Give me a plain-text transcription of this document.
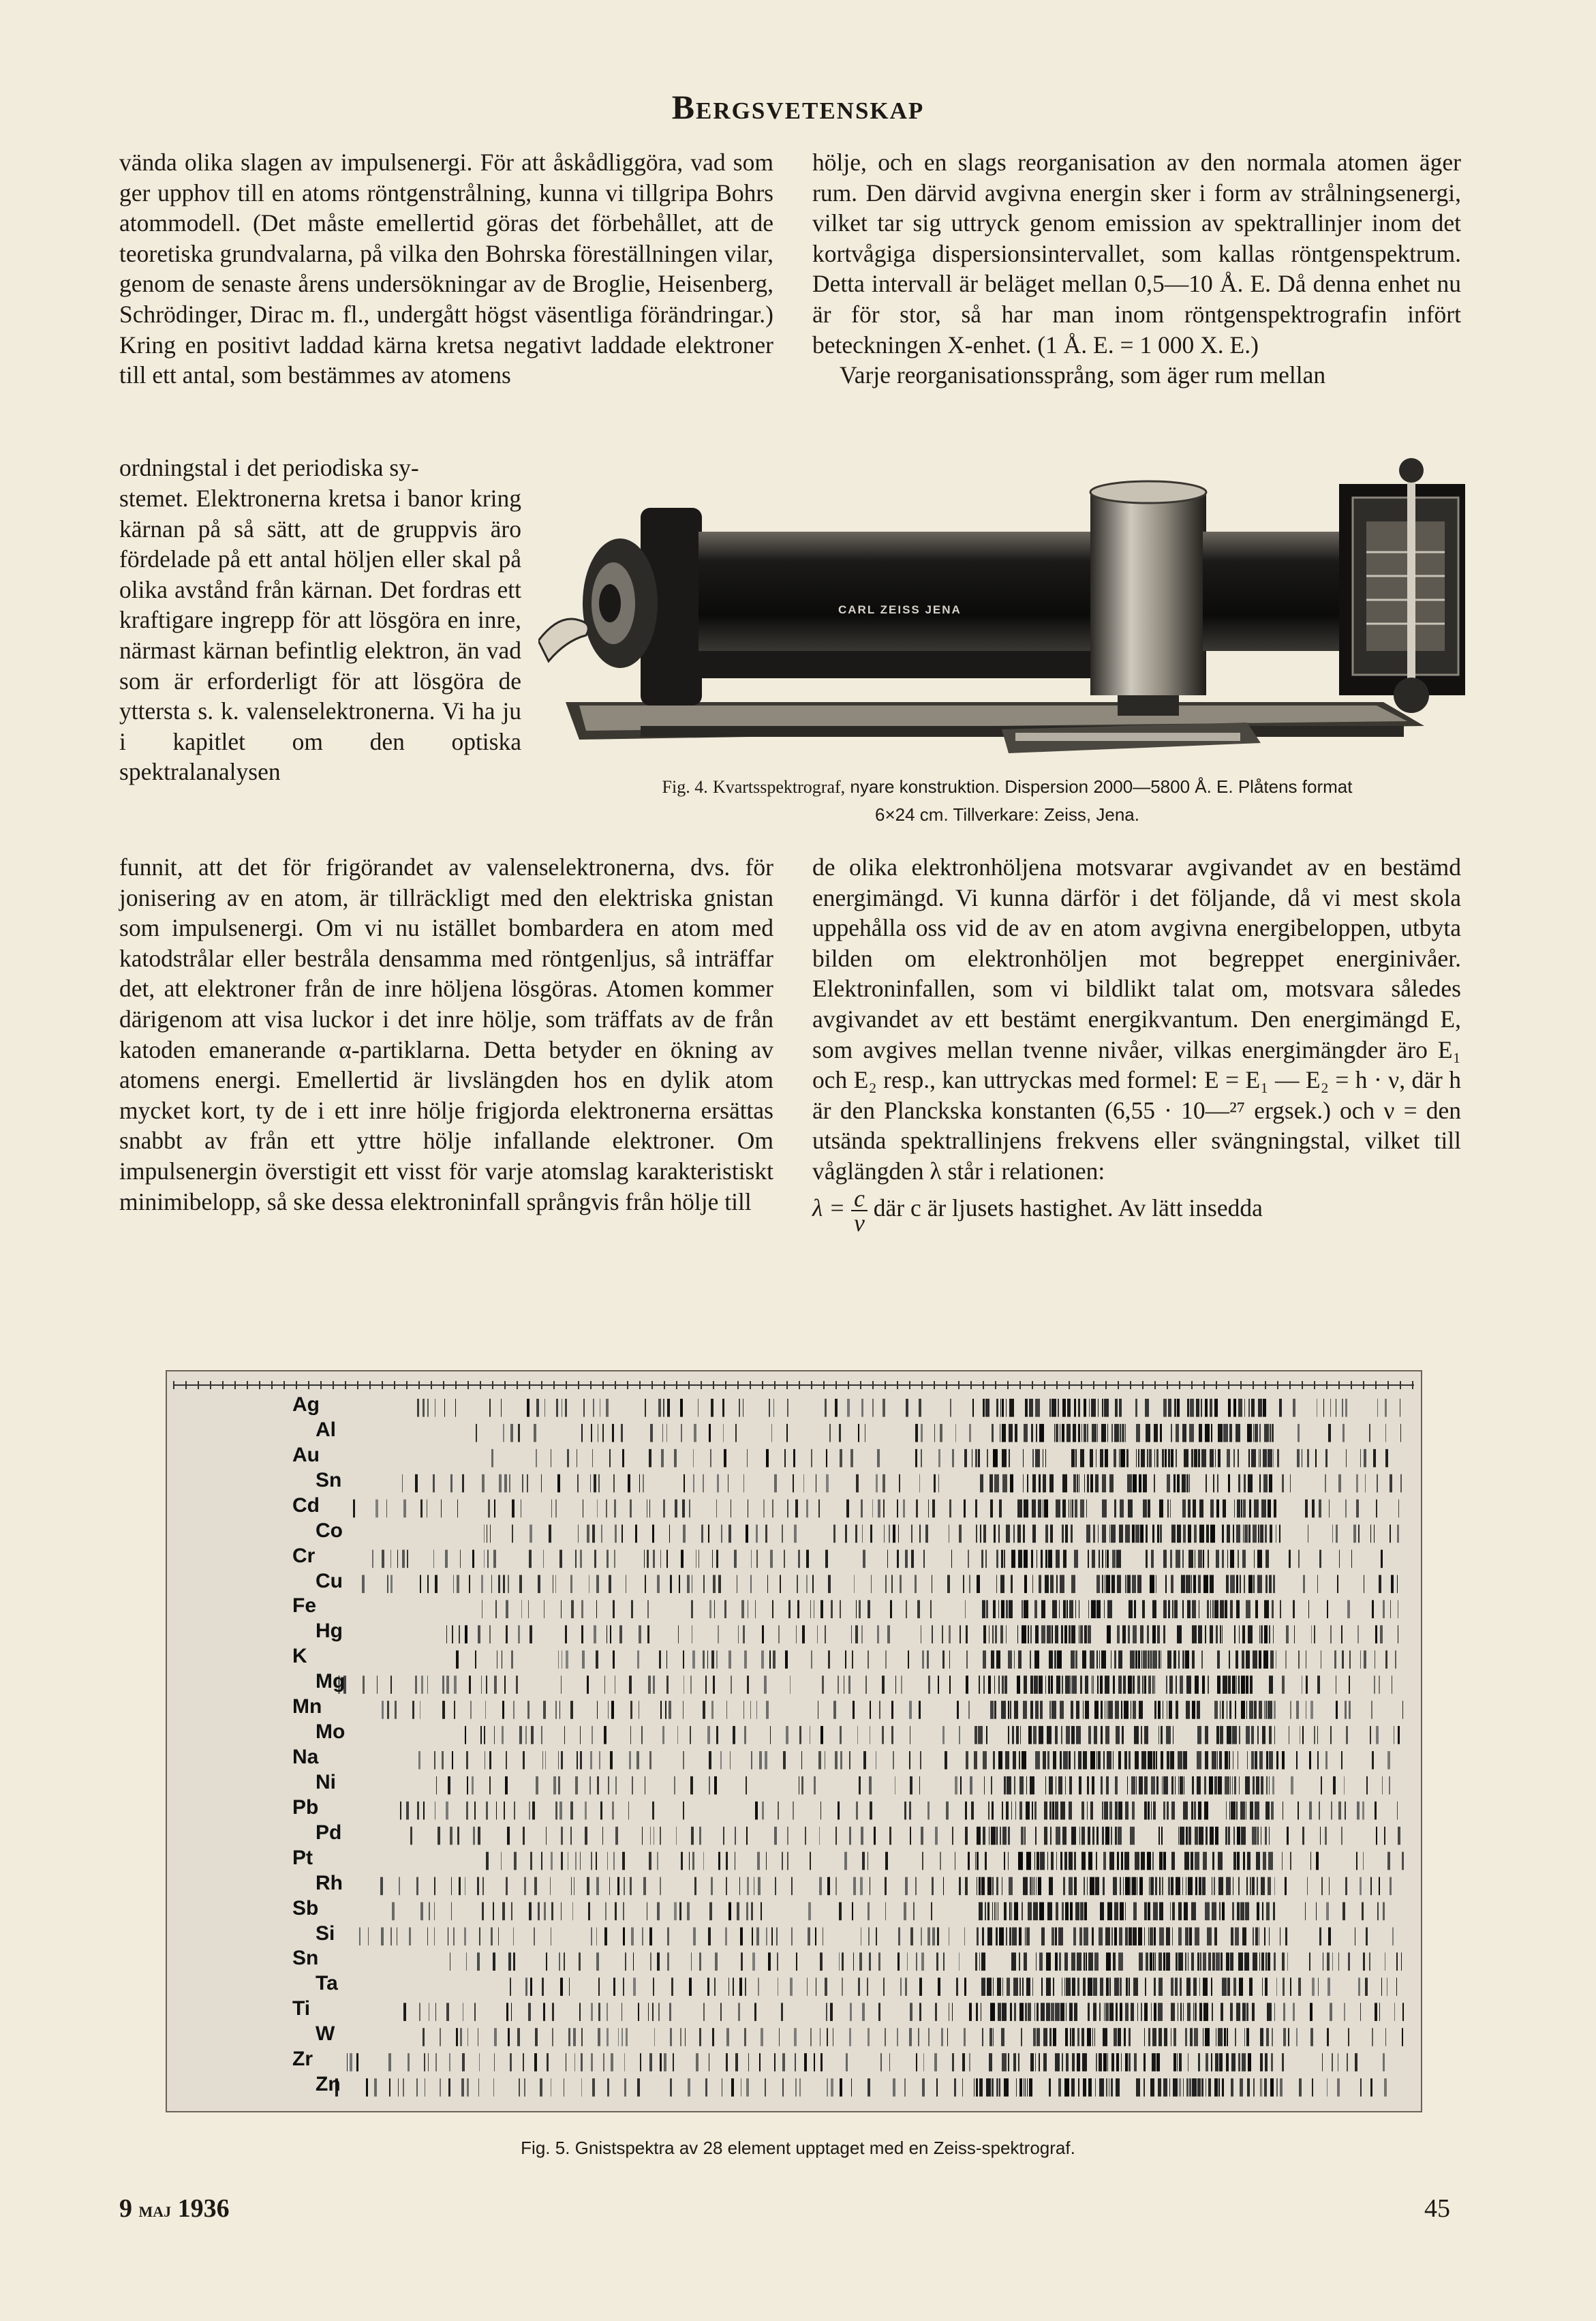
Bergsvetenskap

vända olika slagen av impulsenergi. För att åskådliggöra, vad som ger upphov till en atoms röntgenstrålning, kunna vi tillgripa Bohrs atommodell. (Det måste emellertid göras det förbehållet, att de teoretiska grundvalarna, på vilka den Bohrska föreställningen vilar, genom de senaste årens undersökningar av de Broglie, Heisenberg, Schrödinger, Dirac m. fl., undergått högst väsentliga förändringar.) Kring en positivt laddad kärna kretsa negativt laddade elektroner till ett antal, som bestämmes av atomens

ordningstal i det periodiska sy-

stemet. Elektronerna kretsa i banor kring kärnan på så sätt, att de gruppvis äro fördelade på ett antal höljen eller skal på olika avstånd från kärnan. Det fordras ett kraftigare ingrepp för att lösgöra en inre, närmast kärnan befintlig elektron, än vad som är erforderligt för att lösgöra de yttersta s. k. valenselektronerna. Vi ha ju i kapitlet om den optiska spektralanalysen

funnit, att det för frigörandet av valenselektronerna, dvs. för jonisering av en atom, är tillräckligt med den elektriska gnistan som impulsenergi. Om vi nu istället bombardera en atom med katodstrålar eller bestråla densamma med röntgenljus, så inträffar det, att elektroner från de inre höljena lösgöras. Atomen kommer därigenom att visa luckor i det inre hölje, som träffats av de från katoden emanerande α-partiklarna. Detta betyder en ökning av atomens energi. Emellertid är livslängden hos en dylik atom mycket kort, ty de i ett inre hölje frigjorda elektronerna ersättas snabbt av från ett yttre hölje infallande elektroner. Om impulsenergin överstigit ett visst för varje atomslag karakteristiskt minimibelopp, så ske dessa elektroninfall språngvis från hölje till

hölje, och en slags reorganisation av den normala atomen äger rum. Den därvid avgivna energin sker i form av strålningsenergi, vilket tar sig uttryck genom emission av spektrallinjer inom det kortvågiga dispersionsintervallet, som kallas röntgenspektrum. Detta intervall är beläget mellan 0,5—10 Å. E. Då denna enhet nu är för stor, så har man inom röntgenspektrografin infört beteckningen X-enhet. (1 Å. E. = 1 000 X. E.)

Varje reorganisationssprång, som äger rum mellan

CARL ZEISS JENA
Fig. 4. Kvartsspektrograf, nyare konstruktion. Dispersion 2000—5800 Å. E. Plåtens format
6×24 cm. Tillverkare: Zeiss, Jena.

de olika elektronhöljena motsvarar avgivandet av en bestämd energimängd. Vi kunna därför i det följande, då vi mest skola uppehålla oss vid de av en atom avgivna energibeloppen, utbyta bilden om elektronhöljen mot begreppet energinivåer. Elektroninfallen, som vi bildlikt talat om, motsvara således avgivandet av ett bestämt energikvantum. Den energimängd E, som avgives mellan tvenne nivåer, vilkas energimängder äro E₁ och E₂ resp., kan uttryckas med formel: E = E₁ — E₂ = h · ν, där h är den Planckska konstanten (6,55 · 10—²⁷ ergsek.) och ν = den utsända spektrallinjens frekvens eller svängningstal, vilket till våglängden λ står i relationen:

$\lambda = \frac{c}{\nu}$ där c är ljusets hastighet. Av lätt insedda

Ag
Al
Au
Sn
Cd
Co
Cr
Cu
Fe
Hg
K
Mg
Mn
Mo
Na
Ni
Pb
Pd
Pt
Rh
Sb
Si
Sn
Ta
Ti
W
Zr
Zn
Fig. 5. Gnistspektra av 28 element upptaget med en Zeiss-spektrograf.
9 maj 1936	45
